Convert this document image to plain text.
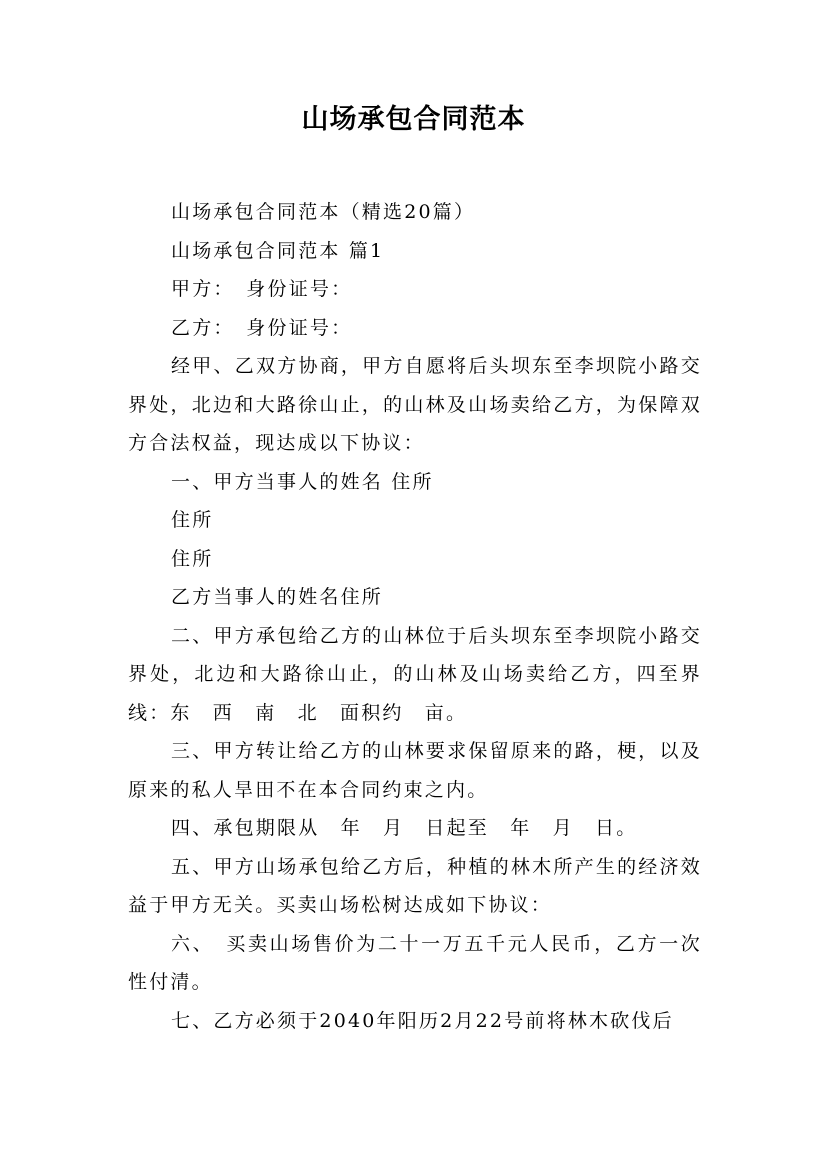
山场承包合同范本

山场承包合同范本（精选20篇）

山场承包合同范本 篇1

甲方：　身份证号：

乙方：　身份证号：

经甲、乙双方协商，甲方自愿将后头坝东至李坝院小路交界处，北边和大路徐山止，的山林及山场卖给乙方，为保障双方合法权益，现达成以下协议：

一、甲方当事人的姓名 住所

住所

住所

乙方当事人的姓名住所

二、甲方承包给乙方的山林位于后头坝东至李坝院小路交界处，北边和大路徐山止，的山林及山场卖给乙方，四至界线：东　西　南　北　面积约　亩。

三、甲方转让给乙方的山林要求保留原来的路，梗，以及原来的私人旱田不在本合同约束之内。

四、承包期限从　年　月　日起至　年　月　日。

五、甲方山场承包给乙方后，种植的林木所产生的经济效益于甲方无关。买卖山场松树达成如下协议：

六、　买卖山场售价为二十一万五千元人民币，乙方一次性付清。

七、乙方必须于2040年阳历2月22号前将林木砍伐后
